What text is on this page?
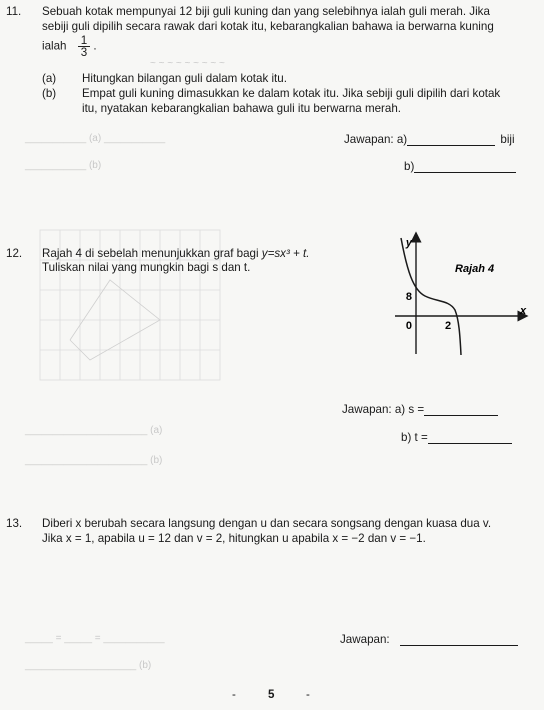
~ ~ ~ ~ ~ ~ ~ ~ ~
___________ (a) ___________
___________ (b)
______________________ (a)
______________________ (b)
_____ = _____ = ___________
____________________ (b)
11. Sebuah kotak mempunyai 12 biji guli kuning dan yang selebihnya ialah guli merah. Jika
sebiji guli dipilih secara rawak dari kotak itu, kebarangkalian bahawa ia berwarna kuning
ialah $\frac{1}{3}$ .
(a) Hitungkan bilangan guli dalam kotak itu.
(b) Empat guli kuning dimasukkan ke dalam kotak itu. Jika sebiji guli dipilih dari kotak
itu, nyatakan kebarangkalian bahawa guli itu berwarna merah.
Jawapan: a)	biji
b)
12. Rajah 4 di sebelah menunjukkan graf bagi y=sx³ + t.
Tuliskan nilai yang mungkin bagi s dan t.	Rajah 4
y
x
8
0	2
Jawapan: a) s =
b) t =
13. Diberi x berubah secara langsung dengan u dan secara songsang dengan kuasa dua v.
Jika x = 1, apabila u = 12 dan v = 2, hitungkan u apabila x = −2 dan v = −1.
Jawapan:
-	5	-
